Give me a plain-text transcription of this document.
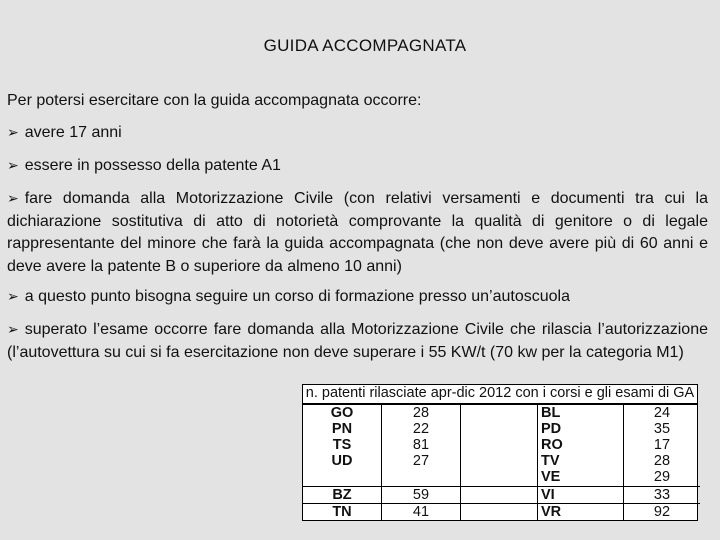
GUIDA ACCOMPAGNATA
Per potersi esercitare con la guida accompagnata occorre:
➢ avere 17 anni
➢ essere in possesso della patente A1
➢ fare domanda alla Motorizzazione Civile (con relativi versamenti e documenti tra cui la dichiarazione sostitutiva di atto di notorietà comprovante la qualità di genitore o di legale rappresentante del minore che farà la guida accompagnata (che non deve avere più di 60 anni e deve avere la patente B o superiore da almeno 10 anni)
➢ a questo punto bisogna seguire un corso di formazione presso un’autoscuola
➢ superato l’esame occorre fare domanda alla Motorizzazione Civile che rilascia l’autorizzazione (l’autovettura su cui si fa esercitazione non deve superare i 55 KW/t (70 kw per la categoria M1)
n. patenti rilasciate apr-dic 2012 con i corsi e gli esami di GA
GO	28		BL	24
PN	22		PD	35
TS	81		RO	17
UD	27		TV	28
			VE	29
BZ	59		VI	33
TN	41		VR	92
